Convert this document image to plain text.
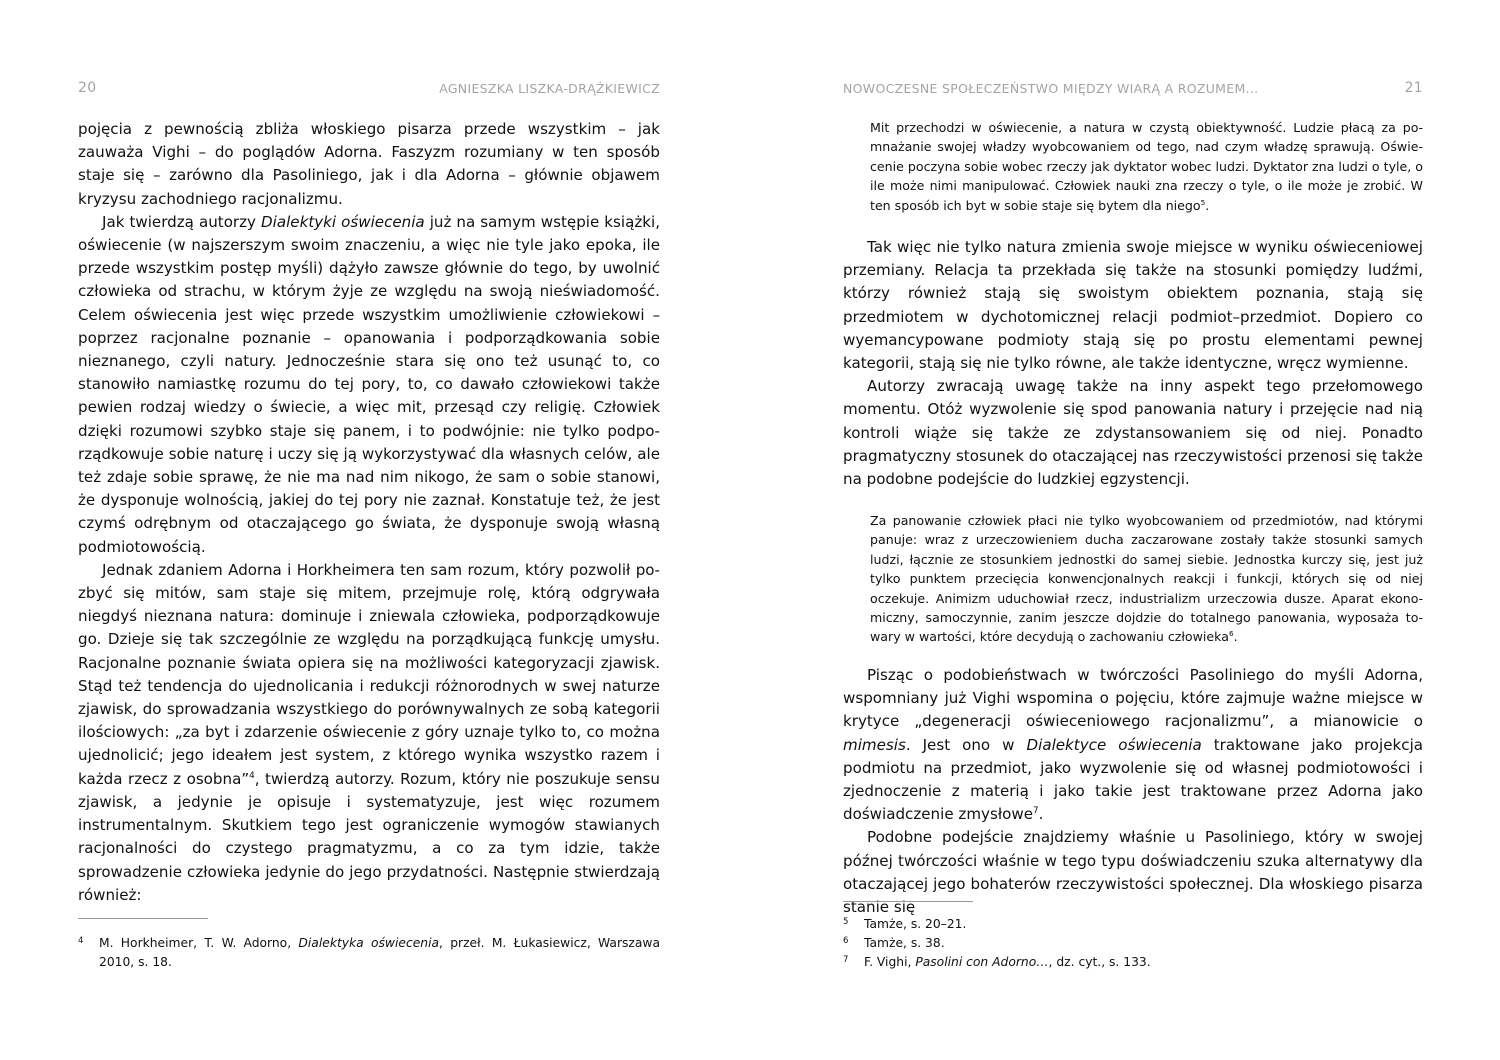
20	AGNIESZKA LISZKA-DRĄŻKIEWICZ

pojęcia z pewnością zbliża włoskiego pisarza przede wszystkim – jak zauważa Vighi – do poglądów Adorna. Faszyzm rozumiany w ten sposób staje się – zarówno dla Pasoliniego, jak i dla Adorna – głównie objawem kryzysu zachodniego racjonalizmu.

Jak twierdzą autorzy Dialektyki oświecenia już na samym wstępie książki, oświecenie (w najszerszym swoim znaczeniu, a więc nie tyle jako epoka, ile przede wszystkim postęp myśli) dążyło zawsze głównie do tego, by uwolnić człowieka od strachu, w którym żyje ze względu na swoją nieświadomość. Celem oświecenia jest więc przede wszystkim umożliwienie człowiekowi – poprzez racjonalne poznanie – opanowania i podporządkowania sobie nieznanego, czyli natury. Jednocześnie stara się ono też usunąć to, co stanowiło namiastkę rozumu do tej pory, to, co dawało człowiekowi także pewien rodzaj wiedzy o świecie, a więc mit, przesąd czy religię. Człowiek dzięki rozumowi szybko staje się panem, i to podwójnie: nie tylko podporządkowuje sobie naturę i uczy się ją wykorzystywać dla własnych celów, ale też zdaje sobie sprawę, że nie ma nad nim nikogo, że sam o sobie stanowi, że dysponuje wolnością, jakiej do tej pory nie zaznał. Konstatuje też, że jest czymś odrębnym od otaczającego go świata, że dysponuje swoją własną podmiotowością.

Jednak zdaniem Adorna i Horkheimera ten sam rozum, który pozwolił pozbyć się mitów, sam staje się mitem, przejmuje rolę, którą odgrywała niegdyś nieznana natura: dominuje i zniewala człowieka, podporządkowuje go. Dzieje się tak szczególnie ze względu na porządkującą funkcję umysłu. Racjonalne poznanie świata opiera się na możliwości kategoryzacji zjawisk. Stąd też tendencja do ujednolicania i redukcji różnorodnych w swej naturze zjawisk, do sprowadzania wszystkiego do porównywalnych ze sobą kategorii ilościowych: „za byt i zdarzenie oświecenie z góry uznaje tylko to, co można ujednolicić; jego ideałem jest system, z którego wynika wszystko razem i każda rzecz z osobna”$^4$, twierdzą autorzy. Rozum, który nie poszukuje sensu zjawisk, a jedynie je opisuje i systematyzuje, jest więc rozumem instrumentalnym. Skutkiem tego jest ograniczenie wymogów stawianych racjonalności do czystego pragmatyzmu, a co za tym idzie, także sprowadzenie człowieka jedynie do jego przydatności. Następnie stwierdzają również:

4 M. Horkheimer, T. W. Adorno, Dialektyka oświecenia, przeł. M. Łukasiewicz, Warszawa 2010, s. 18.
NOWOCZESNE SPOŁECZEŃSTWO MIĘDZY WIARĄ A ROZUMEM...	21

Mit przechodzi w oświecenie, a natura w czystą obiektywność. Ludzie płacą za pomnażanie swojej władzy wyobcowaniem od tego, nad czym władzę sprawują. Oświecenie poczyna sobie wobec rzeczy jak dyktator wobec ludzi. Dyktator zna ludzi o tyle, o ile może nimi manipulować. Człowiek nauki zna rzeczy o tyle, o ile może je zrobić. W ten sposób ich byt w sobie staje się bytem dla niego$^5$.

Tak więc nie tylko natura zmienia swoje miejsce w wyniku oświeceniowej przemiany. Relacja ta przekłada się także na stosunki pomiędzy ludźmi, którzy również stają się swoistym obiektem poznania, stają się przedmiotem w dychotomicznej relacji podmiot–przedmiot. Dopiero co wyemancypowane podmioty stają się po prostu elementami pewnej kategorii, stają się nie tylko równe, ale także identyczne, wręcz wymienne.

Autorzy zwracają uwagę także na inny aspekt tego przełomowego momentu. Otóż wyzwolenie się spod panowania natury i przejęcie nad nią kontroli wiąże się także ze zdystansowaniem się od niej. Ponadto pragmatyczny stosunek do otaczającej nas rzeczywistości przenosi się także na podobne podejście do ludzkiej egzystencji.

Za panowanie człowiek płaci nie tylko wyobcowaniem od przedmiotów, nad którymi panuje: wraz z urzeczowieniem ducha zaczarowane zostały także stosunki samych ludzi, łącznie ze stosunkiem jednostki do samej siebie. Jednostka kurczy się, jest już tylko punktem przecięcia konwencjonalnych reakcji i funkcji, których się od niej oczekuje. Animizm uduchowiał rzecz, industrializm urzeczowia dusze. Aparat ekonomiczny, samoczynnie, zanim jeszcze dojdzie do totalnego panowania, wyposaża towary w wartości, które decydują o zachowaniu człowieka$^6$.

Pisząc o podobieństwach w twórczości Pasoliniego do myśli Adorna, wspomniany już Vighi wspomina o pojęciu, które zajmuje ważne miejsce w krytyce „degeneracji oświeceniowego racjonalizmu”, a mianowicie o mimesis. Jest ono w Dialektyce oświecenia traktowane jako projekcja podmiotu na przedmiot, jako wyzwolenie się od własnej podmiotowości i zjednoczenie z materią i jako takie jest traktowane przez Adorna jako doświadczenie zmysłowe$^7$.

Podobne podejście znajdziemy właśnie u Pasoliniego, który w swojej późnej twórczości właśnie w tego typu doświadczeniu szuka alternatywy dla otaczającej jego bohaterów rzeczywistości społecznej. Dla włoskiego pisarza stanie się

5 Tamże, s. 20–21.
6 Tamże, s. 38.
7 F. Vighi, Pasolini con Adorno…, dz. cyt., s. 133.
